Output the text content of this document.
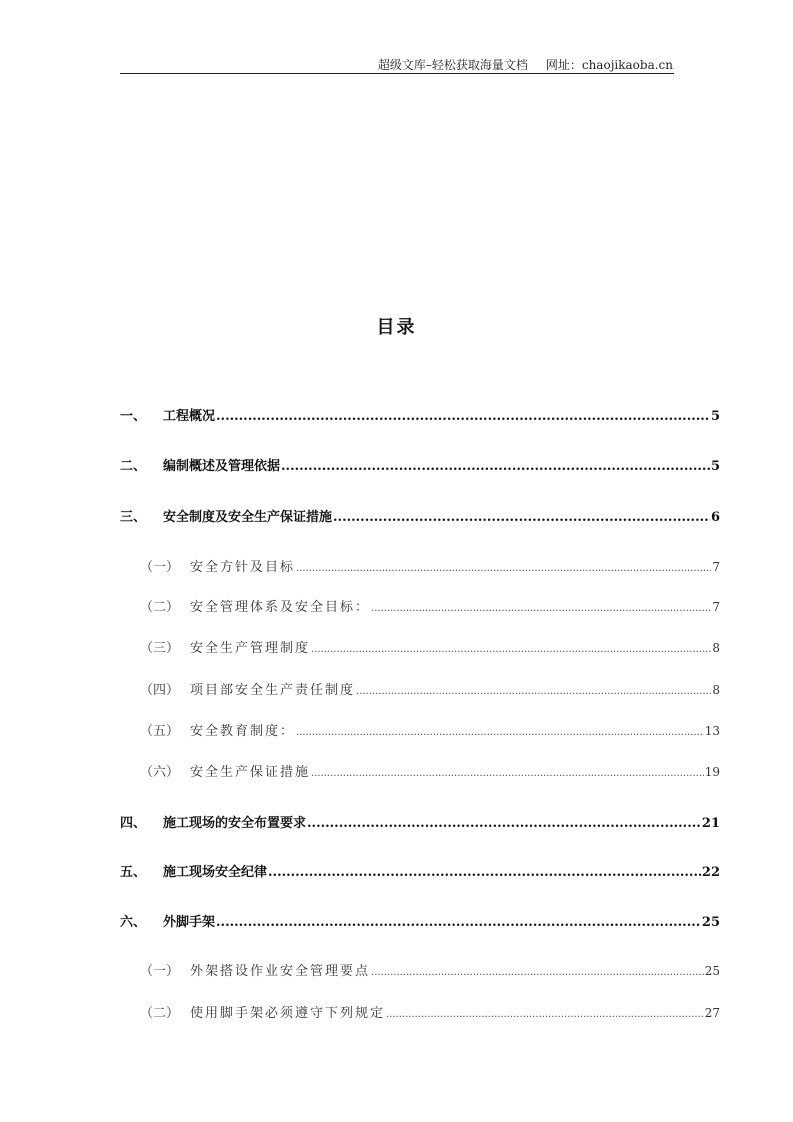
超级文库–轻松获取海量文档 网址：chaojikaoba.cn
目录
一、	工程概况 .....	5
二、	编制概述及管理依据 .....	5
三、	安全制度及安全生产保证措施 .....	6
（一） 安全方针及目标 .....	7
（二） 安全管理体系及安全目标： .....	7
（三） 安全生产管理制度 .....	8
（四） 项目部安全生产责任制度 .....	8
（五） 安全教育制度： .....	13
（六） 安全生产保证措施 .....	19
四、	施工现场的安全布置要求 .....	21
五、	施工现场安全纪律 .....	22
六、	外脚手架 .....	25
（一） 外架搭设作业安全管理要点 .....	25
（二） 使用脚手架必须遵守下列规定 .....	27
